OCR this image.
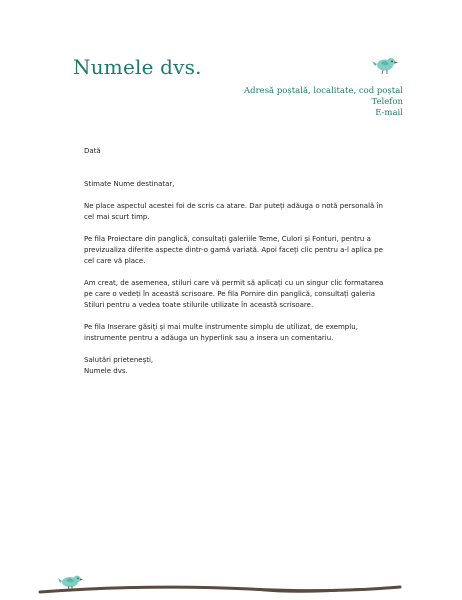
Numele dvs.
Adresă poștală, localitate, cod poștal
Telefon
E-mail

Dată

Stimate Nume destinatar,

Ne place aspectul acestei foi de scris ca atare. Dar puteți adăuga o notă personală în cel mai scurt timp.

Pe fila Proiectare din panglică, consultați galeriile Teme, Culori și Fonturi, pentru a previzualiza diferite aspecte dintr-o gamă variată. Apoi faceți clic pentru a-l aplica pe cel care vă place.

Am creat, de asemenea, stiluri care vă permit să aplicați cu un singur clic formatarea pe care o vedeți în această scrisoare. Pe fila Pornire din panglică, consultați galeria Stiluri pentru a vedea toate stilurile utilizate în această scrisoare.

Pe fila Inserare găsiți și mai multe instrumente simplu de utilizat, de exemplu, instrumente pentru a adăuga un hyperlink sau a insera un comentariu.

Salutări prietenești,
Numele dvs.
